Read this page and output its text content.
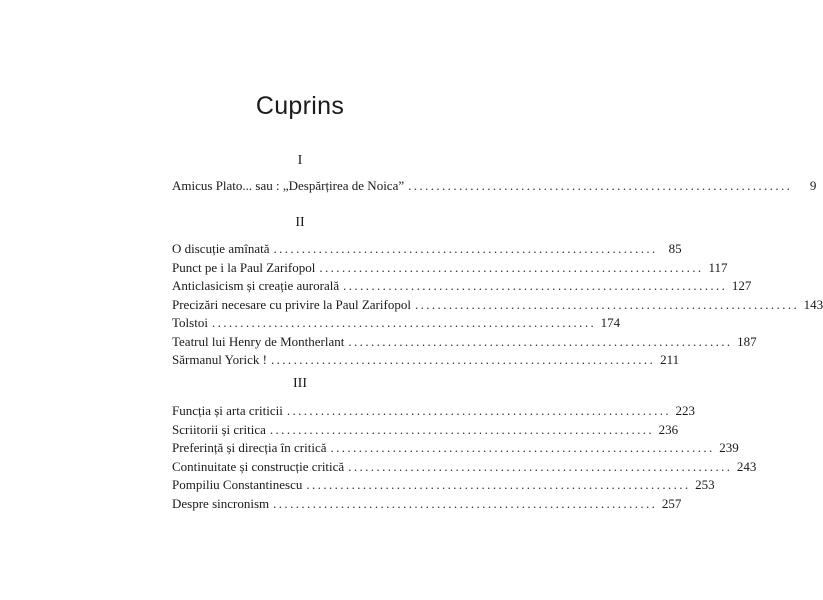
Cuprins
I
Amicus Plato... sau : „Despărțirea de Noica” ....................................................................	9
II
O discuție amînată .................................................................... 85
Punct pe i la Paul Zarifopol .................................................................... 117
Anticlasicism și creație aurorală .................................................................... 127
Precizări necesare cu privire la Paul Zarifopol .................................................................... 143
Tolstoi .................................................................... 174
Teatrul lui Henry de Montherlant .................................................................... 187
Sărmanul Yorick ! .................................................................... 211
III
Funcția și arta criticii .................................................................... 223
Scriitorii și critica .................................................................... 236
Preferință și direcția în critică .................................................................... 239
Continuitate și construcție critică .................................................................... 243
Pompiliu Constantinescu .................................................................... 253
Despre sincronism .................................................................... 257
